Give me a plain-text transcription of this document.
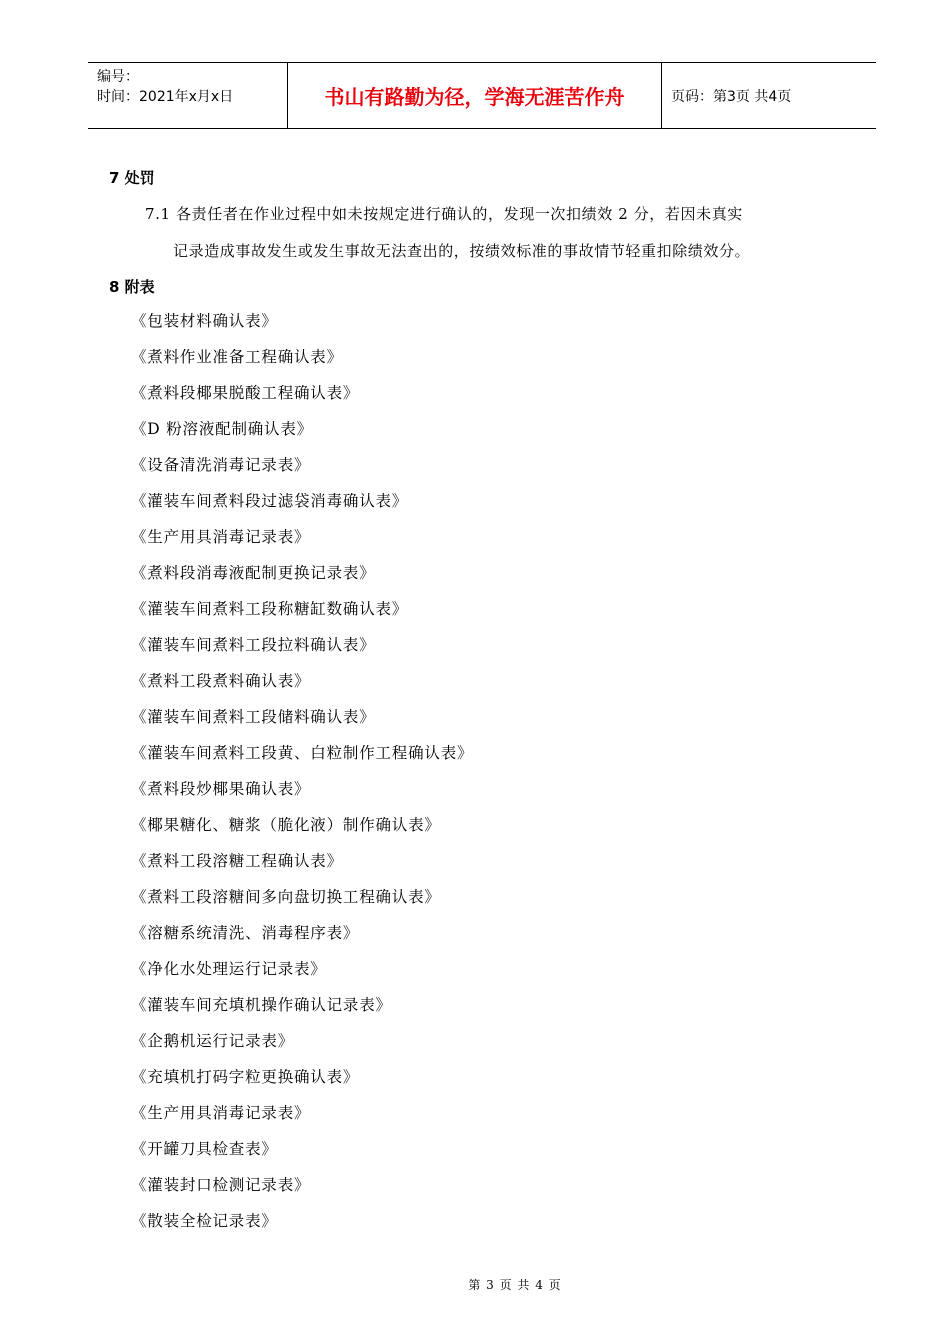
编号：
时间：2021年x月x日	书山有路勤为径，学海无涯苦作舟	页码：第3页 共4页
7 处罚
7.1 各责任者在作业过程中如未按规定进行确认的，发现一次扣绩效 2 分，若因未真实
记录造成事故发生或发生事故无法查出的，按绩效标准的事故情节轻重扣除绩效分。
8 附表
《包装材料确认表》
《煮料作业准备工程确认表》
《煮料段椰果脱酸工程确认表》
《D 粉溶液配制确认表》
《设备清洗消毒记录表》
《灌装车间煮料段过滤袋消毒确认表》
《生产用具消毒记录表》
《煮料段消毒液配制更换记录表》
《灌装车间煮料工段称糖缸数确认表》
《灌装车间煮料工段拉料确认表》
《煮料工段煮料确认表》
《灌装车间煮料工段储料确认表》
《灌装车间煮料工段黄、白粒制作工程确认表》
《煮料段炒椰果确认表》
《椰果糖化、糖浆（脆化液）制作确认表》
《煮料工段溶糖工程确认表》
《煮料工段溶糖间多向盘切换工程确认表》
《溶糖系统清洗、消毒程序表》
《净化水处理运行记录表》
《灌装车间充填机操作确认记录表》
《企鹅机运行记录表》
《充填机打码字粒更换确认表》
《生产用具消毒记录表》
《开罐刀具检查表》
《灌装封口检测记录表》
《散装全检记录表》
第 3 页 共 4 页
